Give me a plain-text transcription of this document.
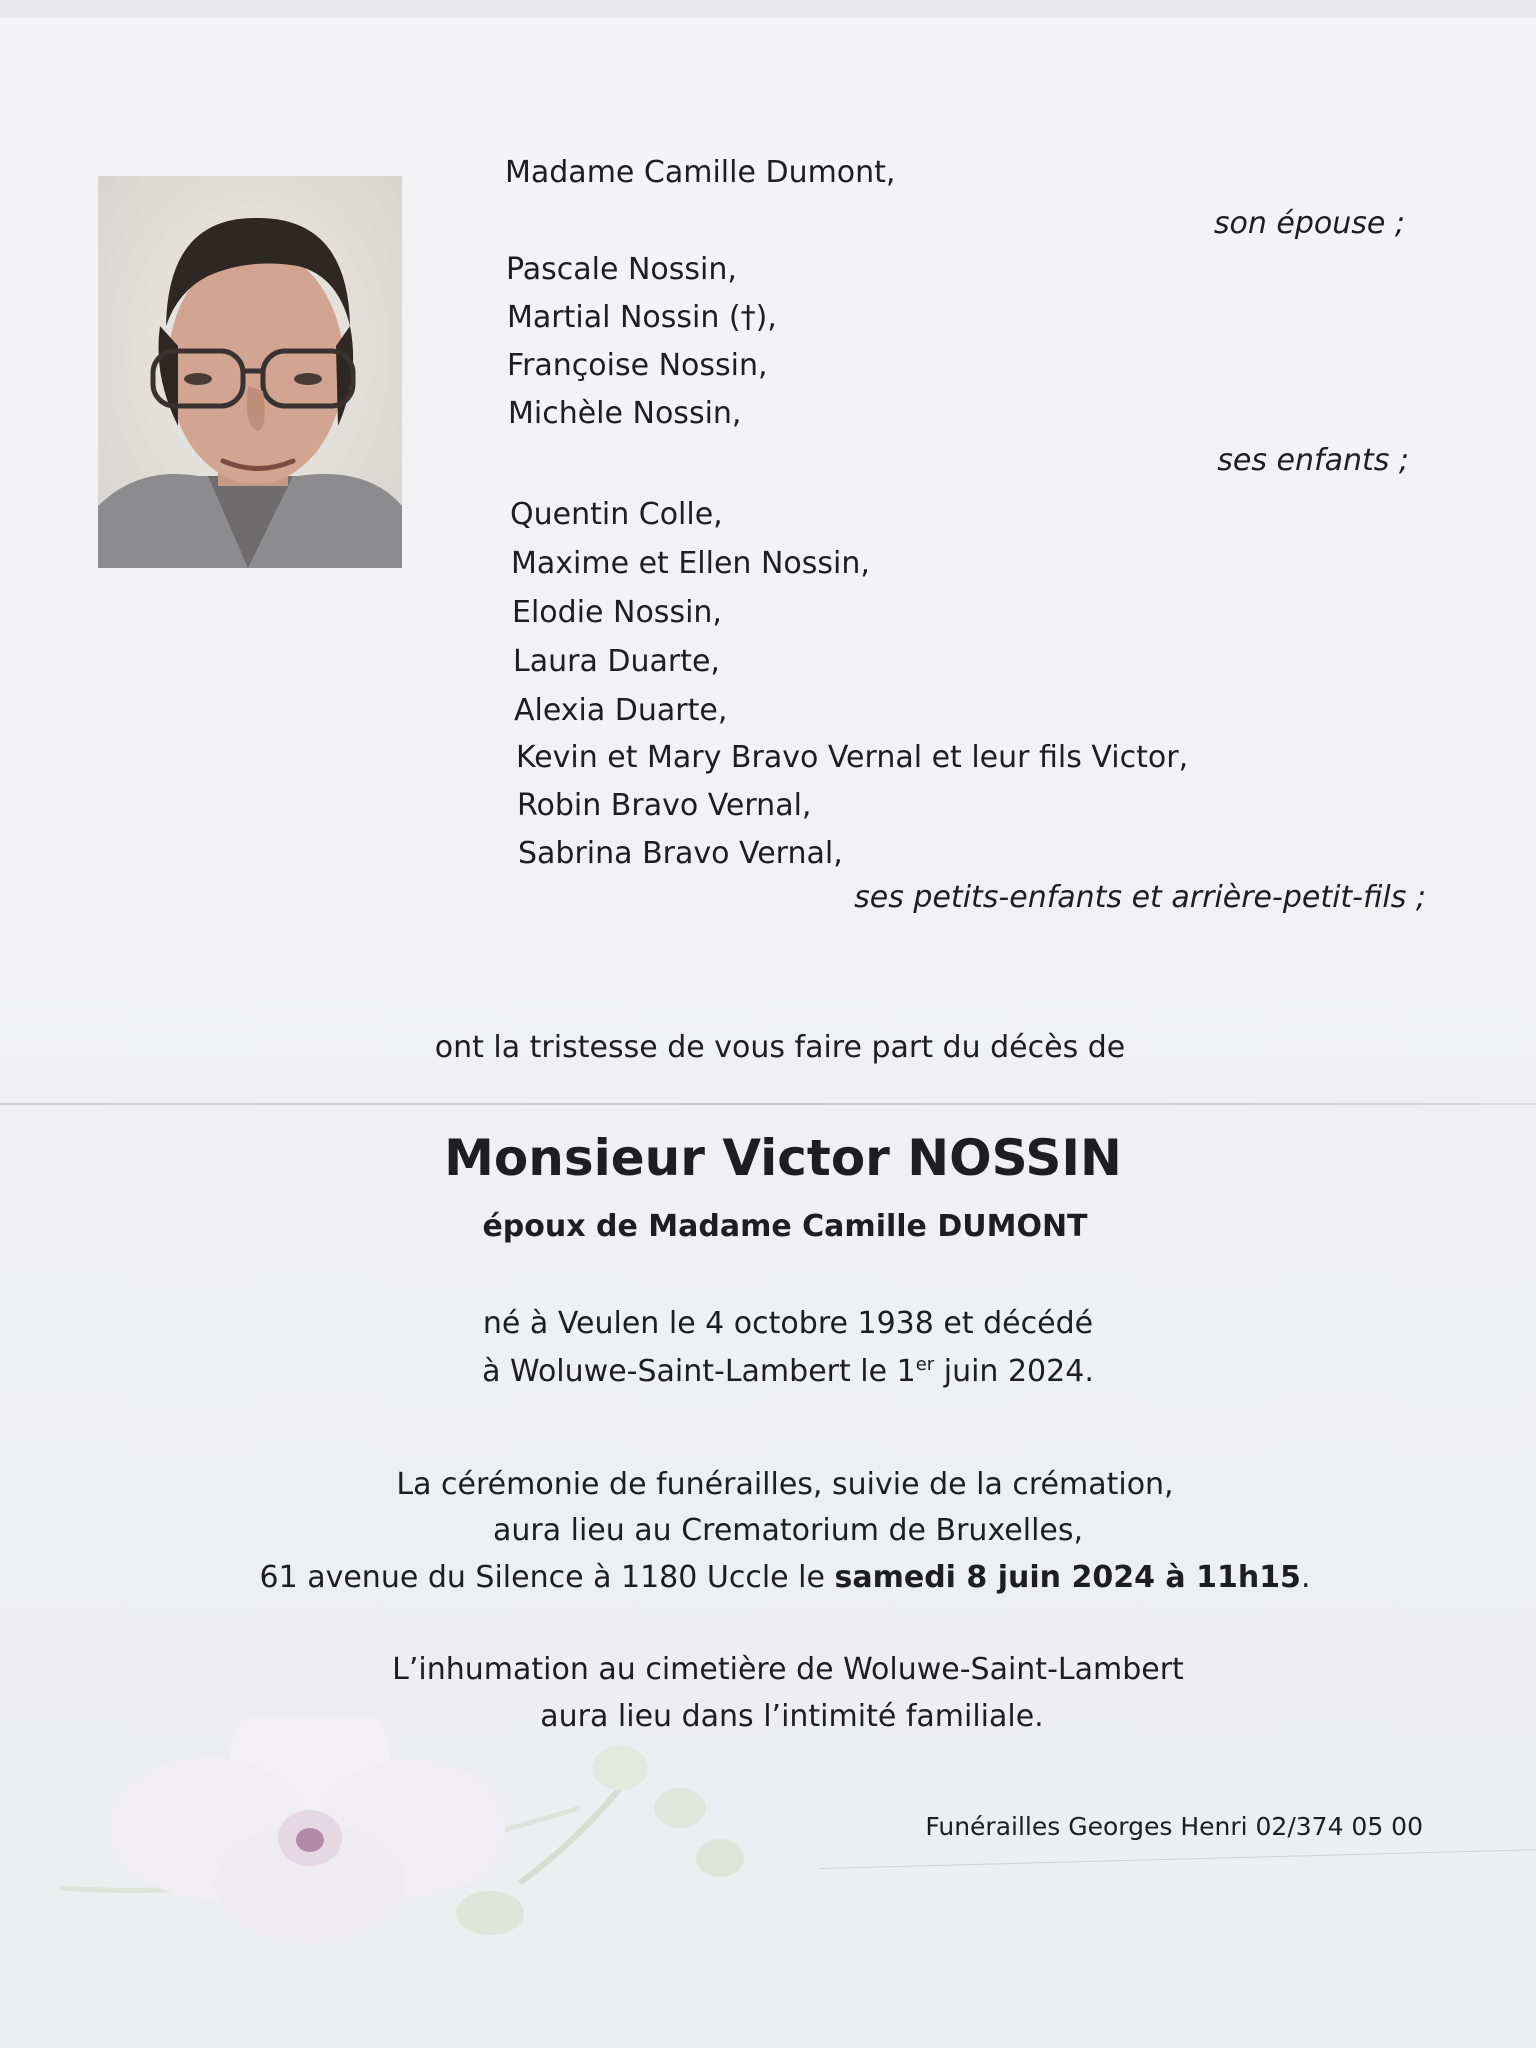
Madame Camille Dumont,
son épouse ;
Pascale Nossin,
Martial Nossin (†),
Françoise Nossin,
Michèle Nossin,
ses enfants ;
Quentin Colle,
Maxime et Ellen Nossin,
Elodie Nossin,
Laura Duarte,
Alexia Duarte,
Kevin et Mary Bravo Vernal et leur fils Victor,
Robin Bravo Vernal,
Sabrina Bravo Vernal,
ses petits-enfants et arrière-petit-fils ;
ont la tristesse de vous faire part du décès de
Monsieur Victor NOSSIN
époux de Madame Camille DUMONT
né à Veulen le 4 octobre 1938 et décédé
à Woluwe-Saint-Lambert le 1er juin 2024.
La cérémonie de funérailles, suivie de la crémation,
aura lieu au Crematorium de Bruxelles,
61 avenue du Silence à 1180 Uccle le samedi 8 juin 2024 à 11h15.
L’inhumation au cimetière de Woluwe-Saint-Lambert
aura lieu dans l’intimité familiale.
Funérailles Georges Henri 02/374 05 00
